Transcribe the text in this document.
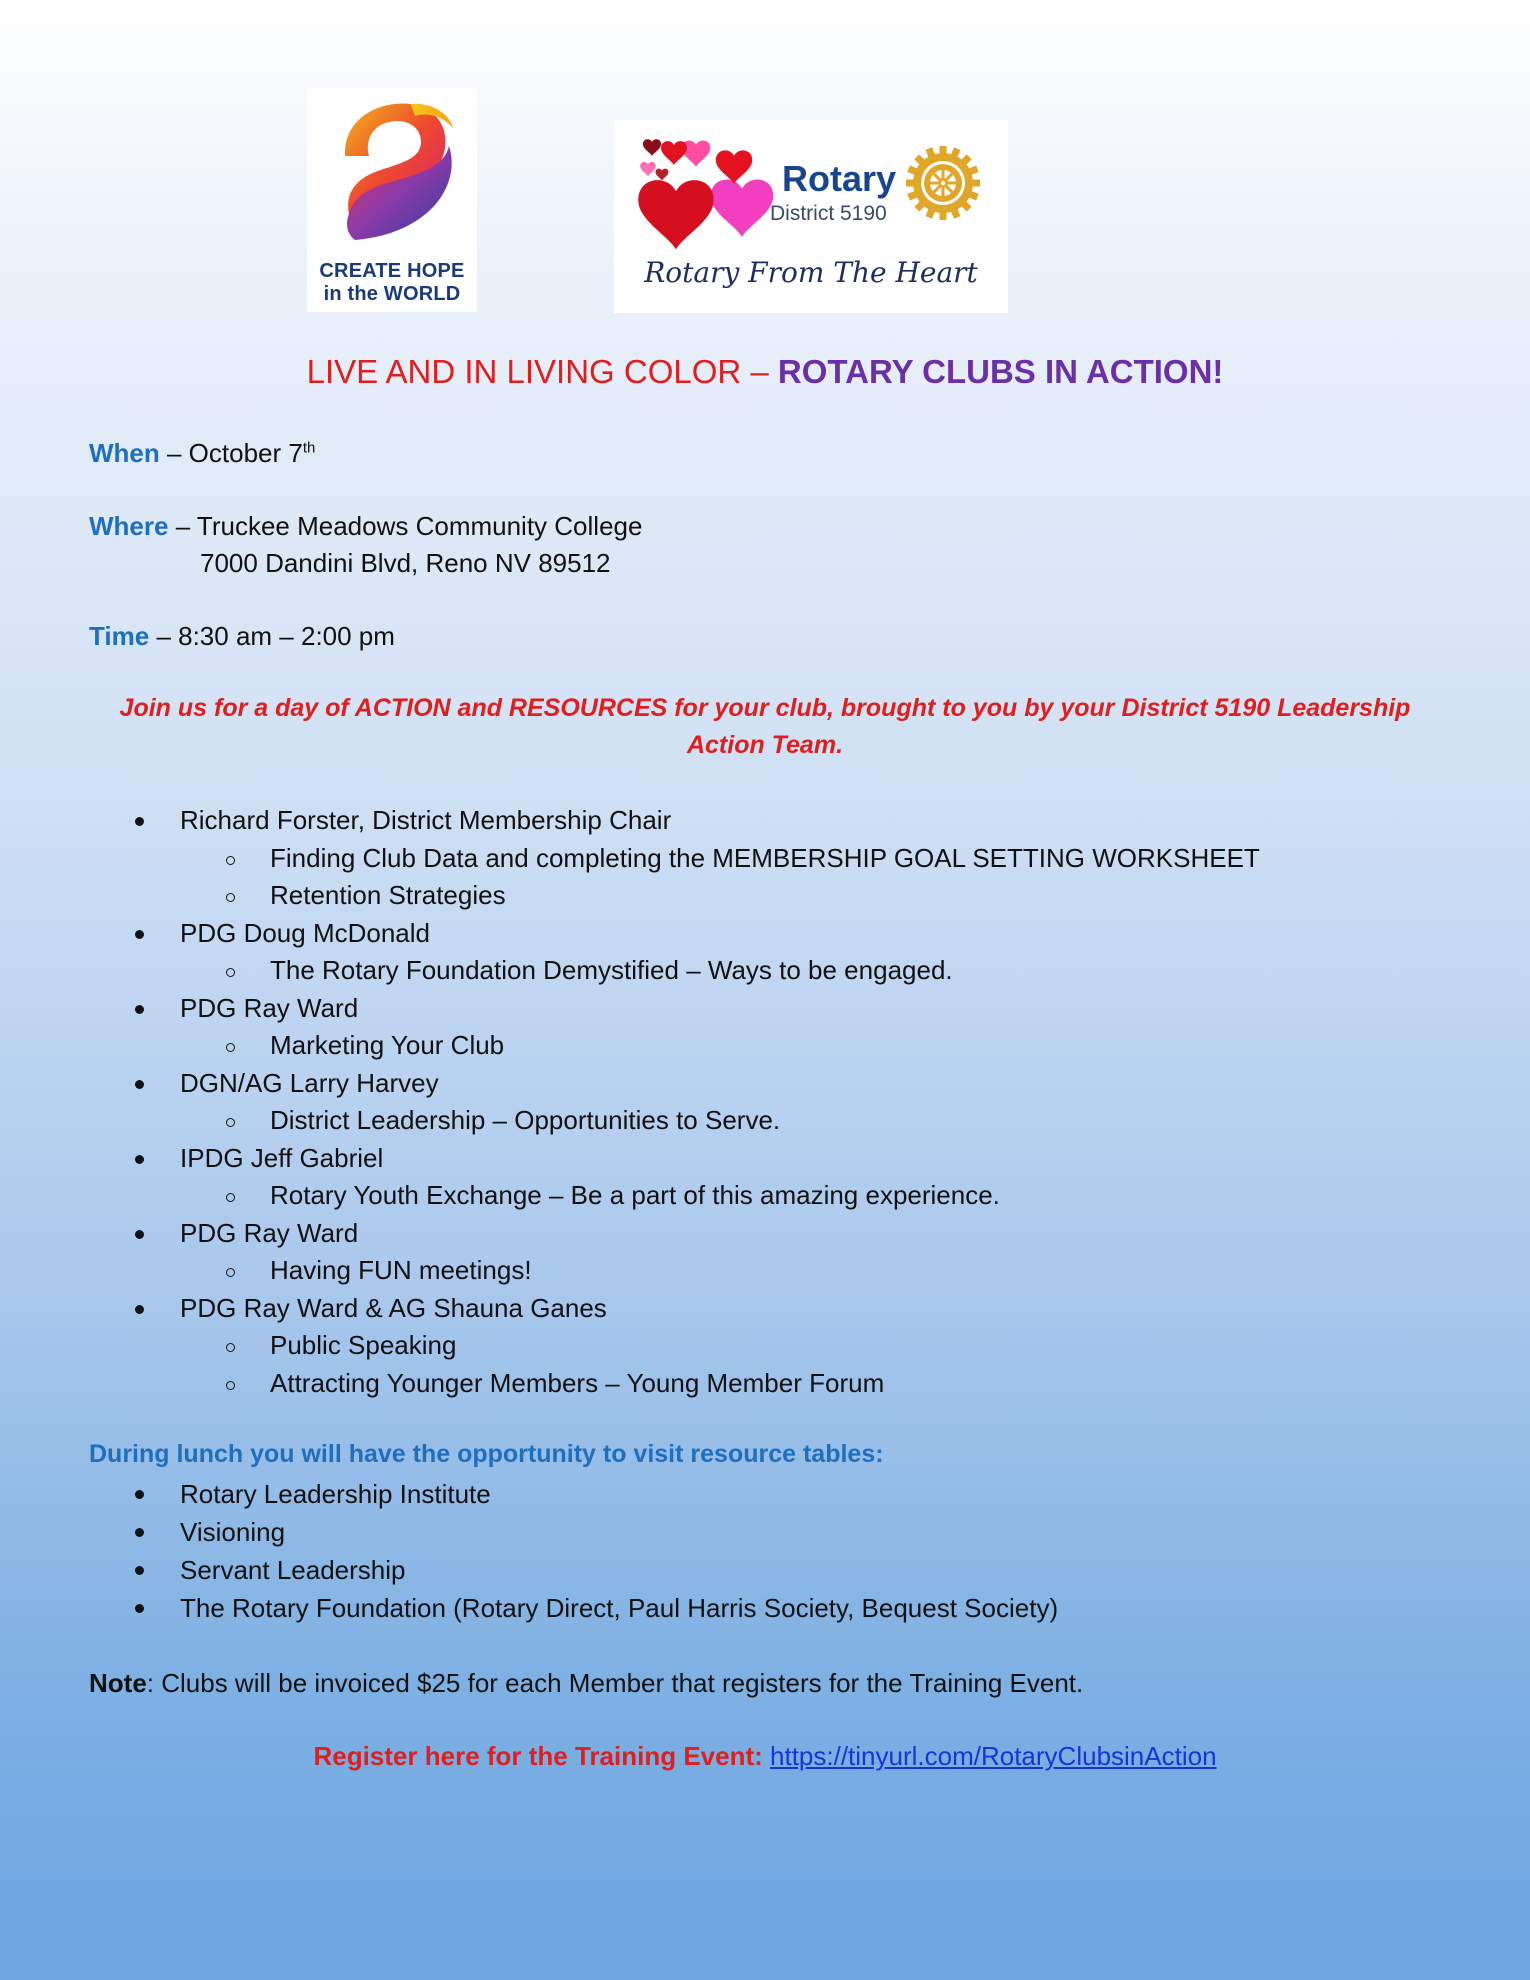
CREATE HOPE
in the WORLD
Rotary
District 5190
Rotary From The Heart
LIVE AND IN LIVING COLOR – ROTARY CLUBS IN ACTION!
When – October 7th
Where – Truckee Meadows Community College
7000 Dandini Blvd, Reno NV 89512
Time – 8:30 am – 2:00 pm
Join us for a day of ACTION and RESOURCES for your club, brought to you by your District 5190 Leadership Action Team.
Richard Forster, District Membership Chair
Finding Club Data and completing the MEMBERSHIP GOAL SETTING WORKSHEET
Retention Strategies
PDG Doug McDonald
The Rotary Foundation Demystified – Ways to be engaged.
PDG Ray Ward
Marketing Your Club
DGN/AG Larry Harvey
District Leadership – Opportunities to Serve.
IPDG Jeff Gabriel
Rotary Youth Exchange – Be a part of this amazing experience.
PDG Ray Ward
Having FUN meetings!
PDG Ray Ward & AG Shauna Ganes
Public Speaking
Attracting Younger Members – Young Member Forum
During lunch you will have the opportunity to visit resource tables:
Rotary Leadership Institute
Visioning
Servant Leadership
The Rotary Foundation (Rotary Direct, Paul Harris Society, Bequest Society)
Note: Clubs will be invoiced $25 for each Member that registers for the Training Event.
Register here for the Training Event: https://tinyurl.com/RotaryClubsinAction
